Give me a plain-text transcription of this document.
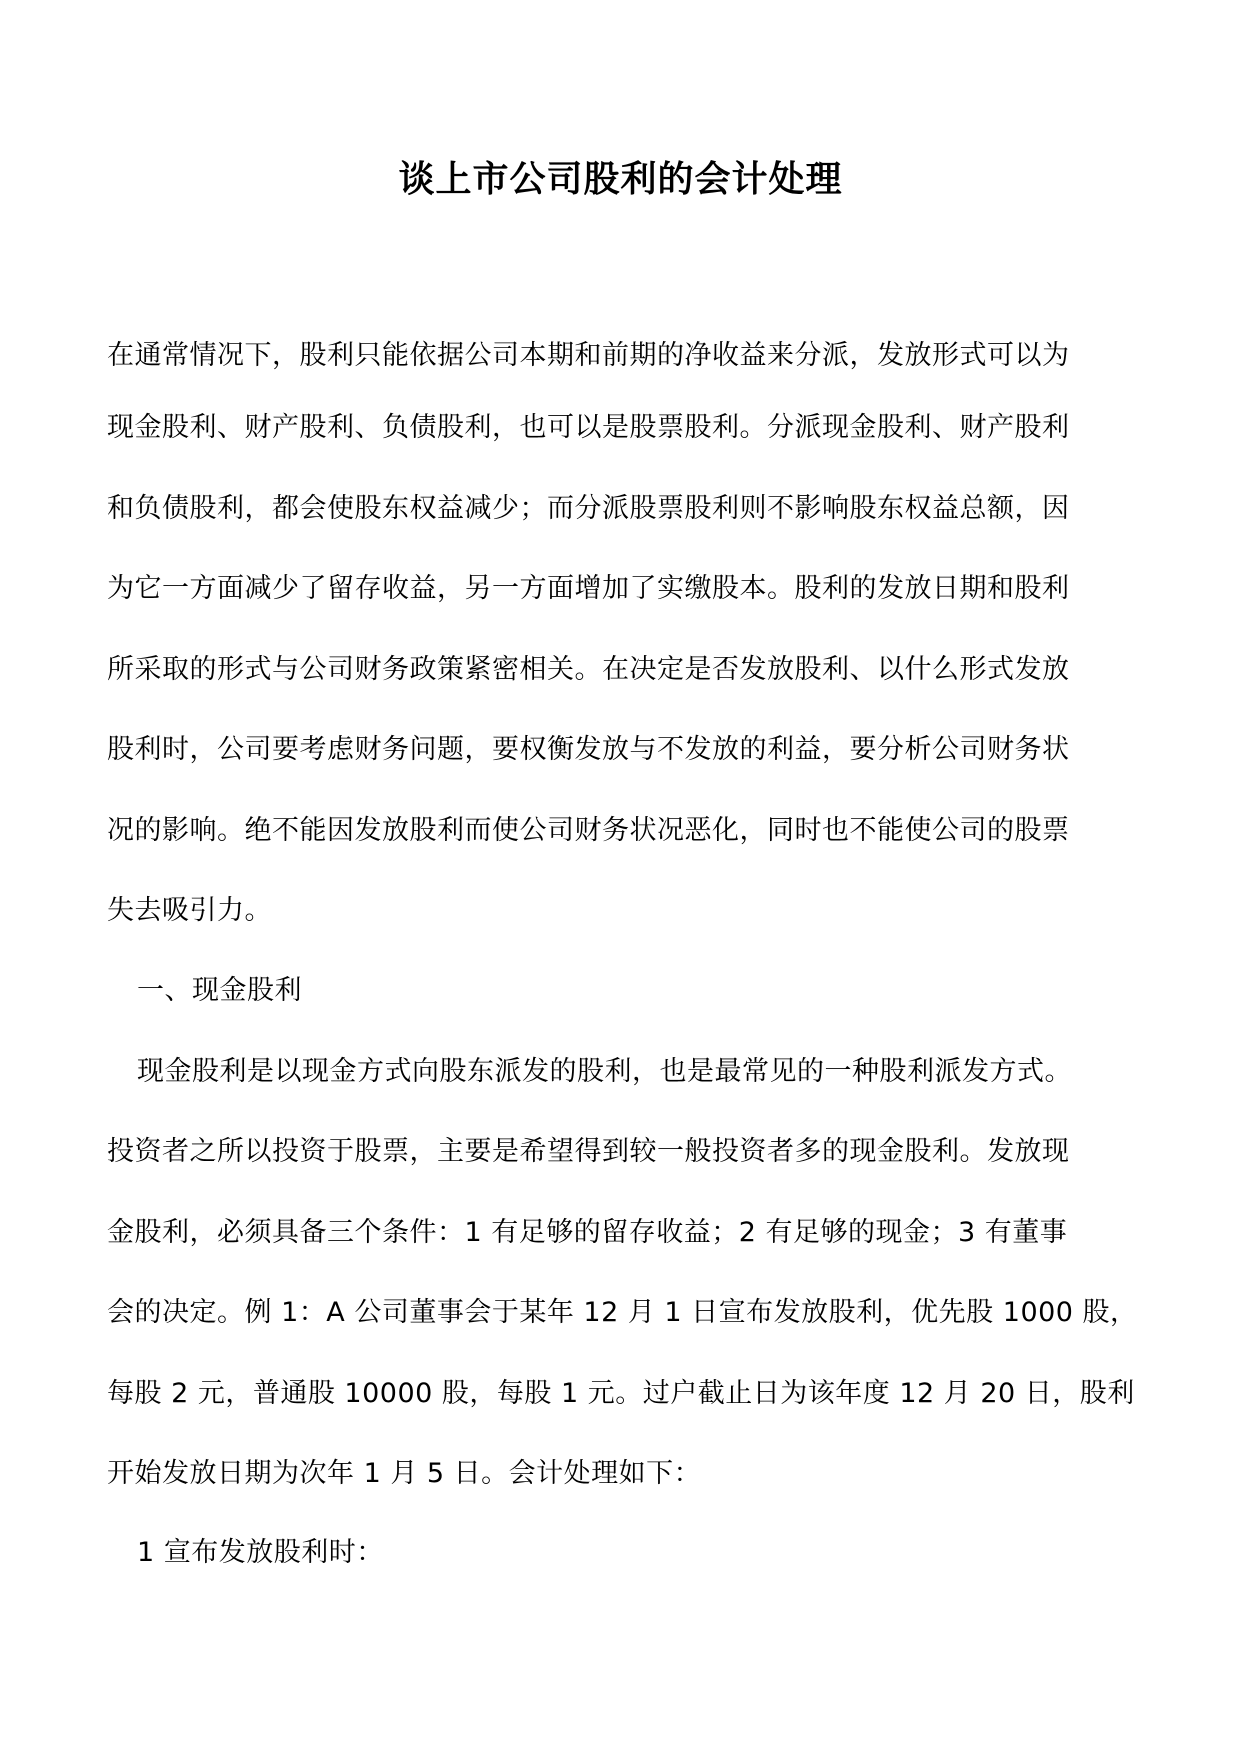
谈上市公司股利的会计处理

在通常情况下，股利只能依据公司本期和前期的净收益来分派，发放形式可以为

现金股利、财产股利、负债股利，也可以是股票股利。分派现金股利、财产股利

和负债股利，都会使股东权益减少；而分派股票股利则不影响股东权益总额，因

为它一方面减少了留存收益，另一方面增加了实缴股本。股利的发放日期和股利

所采取的形式与公司财务政策紧密相关。在决定是否发放股利、以什么形式发放

股利时，公司要考虑财务问题，要权衡发放与不发放的利益，要分析公司财务状

况的影响。绝不能因发放股利而使公司财务状况恶化，同时也不能使公司的股票

失去吸引力。

一、现金股利

现金股利是以现金方式向股东派发的股利，也是最常见的一种股利派发方式。

投资者之所以投资于股票，主要是希望得到较一般投资者多的现金股利。发放现

金股利，必须具备三个条件：1 有足够的留存收益；2 有足够的现金；3 有董事

会的决定。例 1：A 公司董事会于某年 12 月 1 日宣布发放股利，优先股 1000 股，

每股 2 元，普通股 10000 股，每股 1 元。过户截止日为该年度 12 月 20 日，股利

开始发放日期为次年 1 月 5 日。会计处理如下：

1 宣布发放股利时：
